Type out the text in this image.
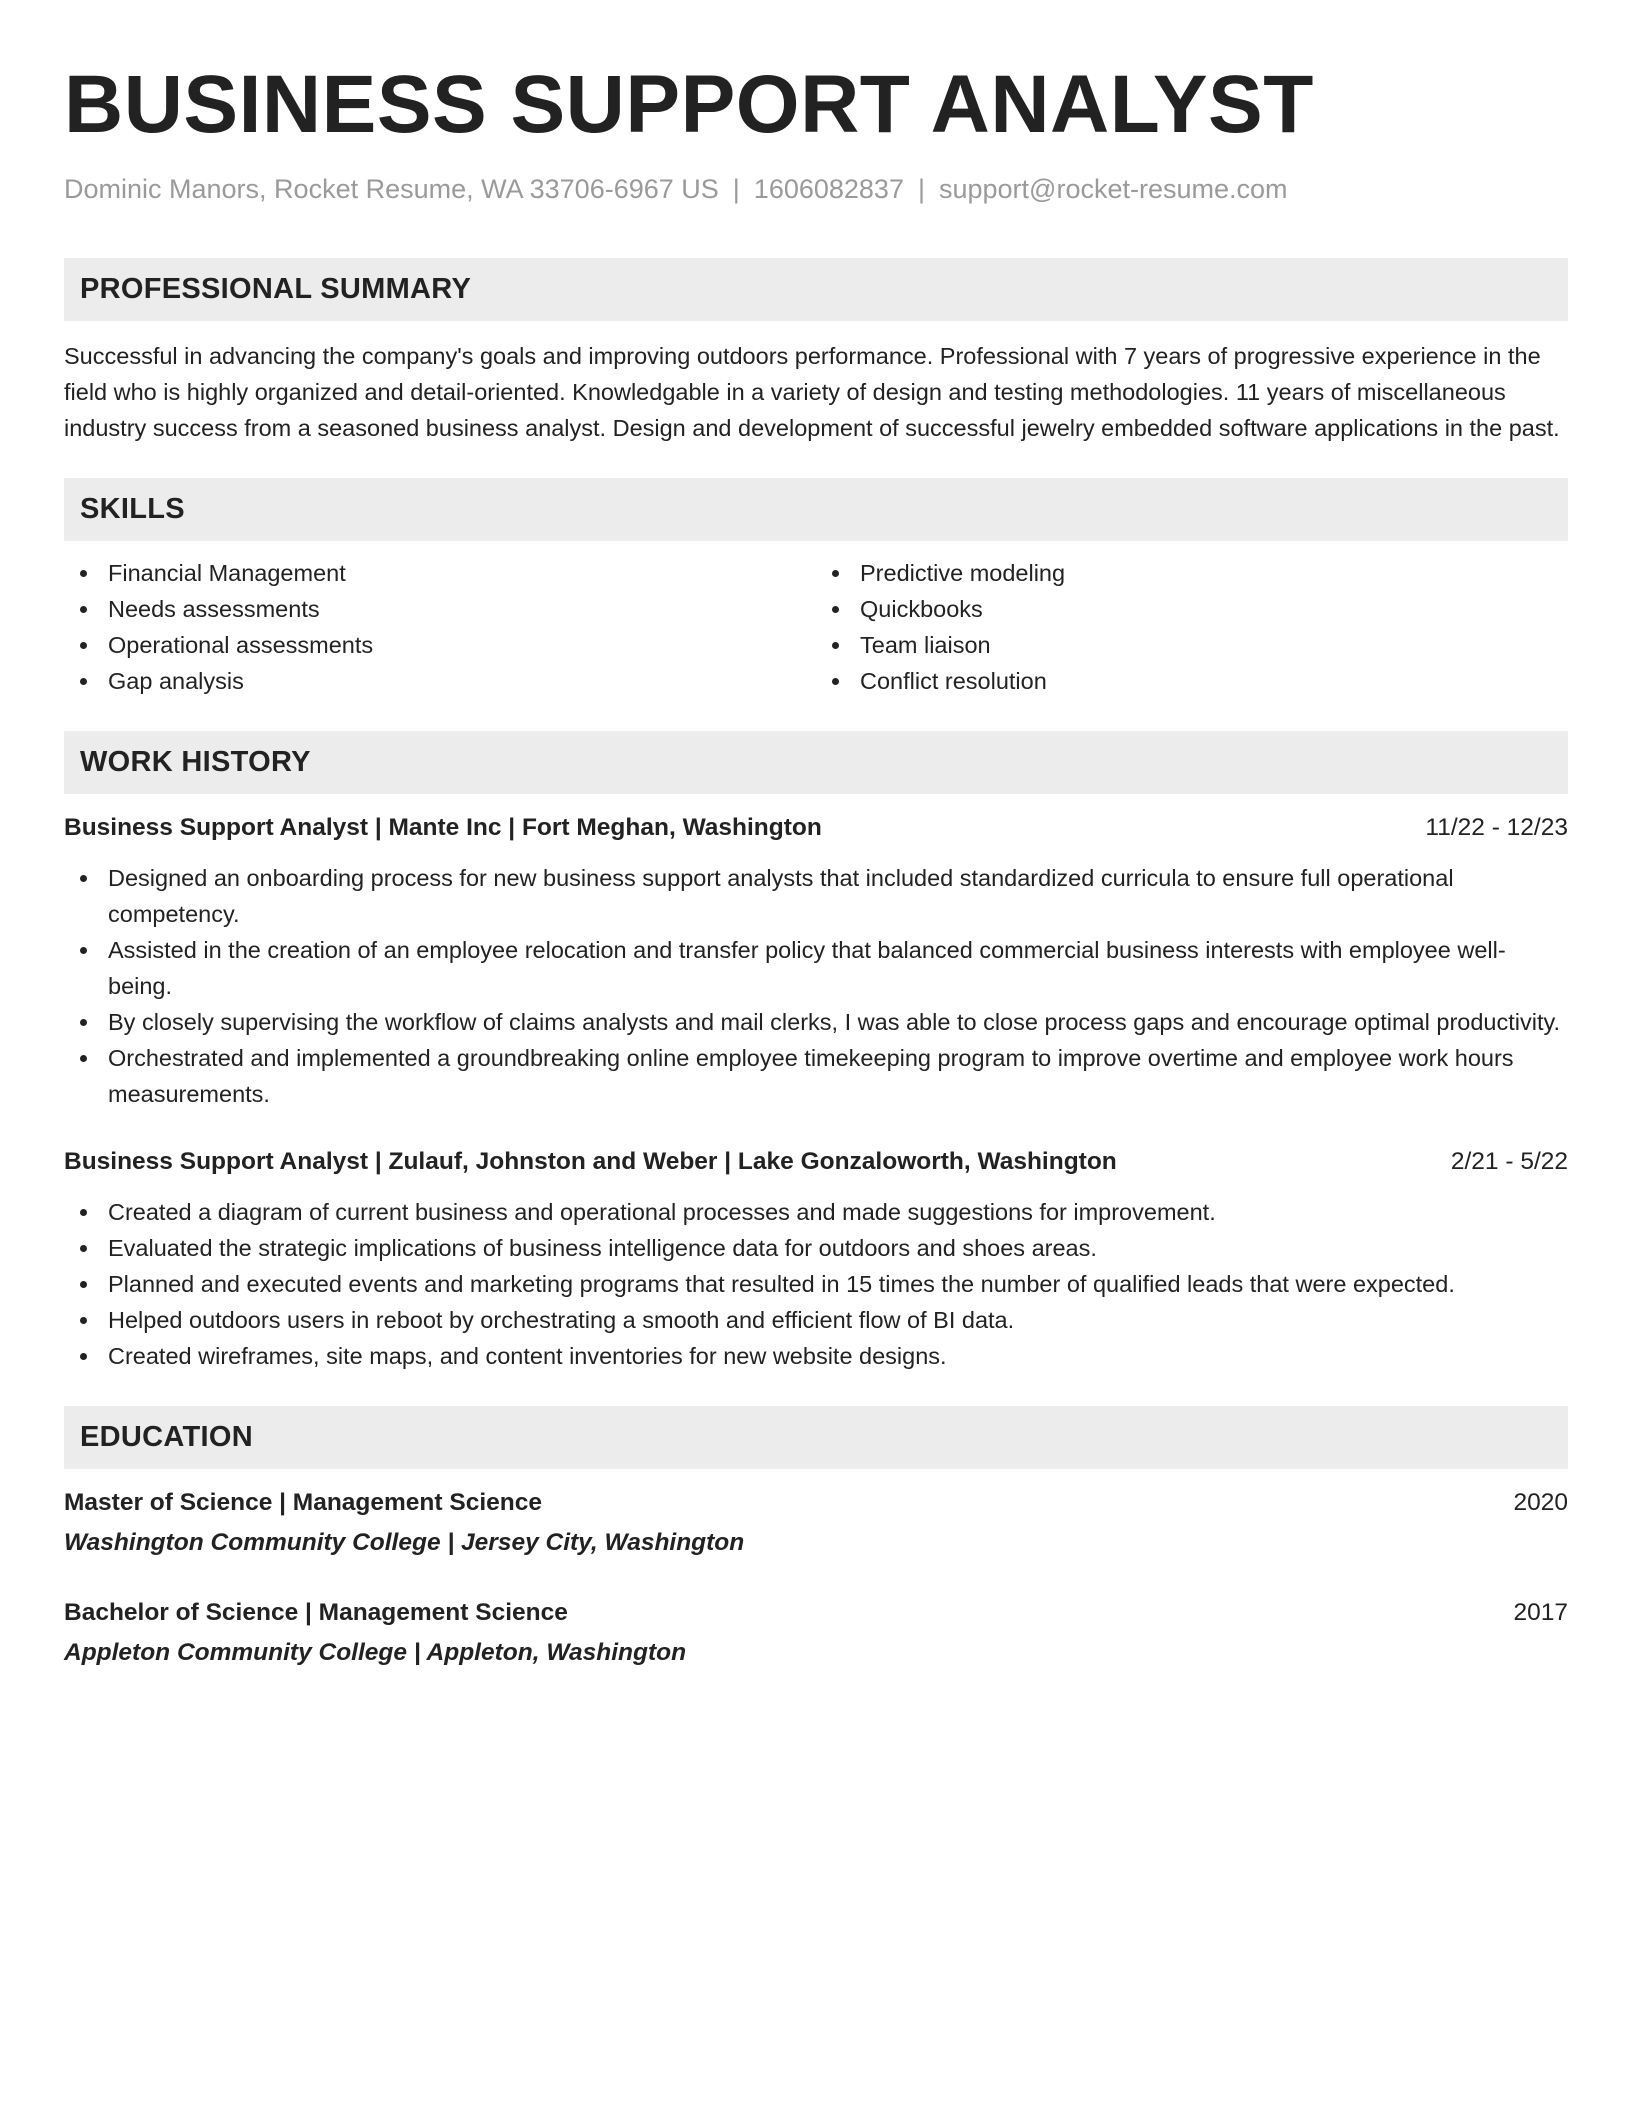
BUSINESS SUPPORT ANALYST
Dominic Manors, Rocket Resume, WA 33706-6967 US | 1606082837 | support@rocket-resume.com
PROFESSIONAL SUMMARY
Successful in advancing the company's goals and improving outdoors performance. Professional with 7 years of progressive experience in the field who is highly organized and detail-oriented. Knowledgable in a variety of design and testing methodologies. 11 years of miscellaneous industry success from a seasoned business analyst. Design and development of successful jewelry embedded software applications in the past.
SKILLS
Financial Management
Needs assessments
Operational assessments
Gap analysis
Predictive modeling
Quickbooks
Team liaison
Conflict resolution
WORK HISTORY
Business Support Analyst | Mante Inc | Fort Meghan, Washington	11/22 - 12/23
Designed an onboarding process for new business support analysts that included standardized curricula to ensure full operational competency.
Assisted in the creation of an employee relocation and transfer policy that balanced commercial business interests with employee well-being.
By closely supervising the workflow of claims analysts and mail clerks, I was able to close process gaps and encourage optimal productivity.
Orchestrated and implemented a groundbreaking online employee timekeeping program to improve overtime and employee work hours measurements.
Business Support Analyst | Zulauf, Johnston and Weber | Lake Gonzaloworth, Washington	2/21 - 5/22
Created a diagram of current business and operational processes and made suggestions for improvement.
Evaluated the strategic implications of business intelligence data for outdoors and shoes areas.
Planned and executed events and marketing programs that resulted in 15 times the number of qualified leads that were expected.
Helped outdoors users in reboot by orchestrating a smooth and efficient flow of BI data.
Created wireframes, site maps, and content inventories for new website designs.
EDUCATION
Master of Science | Management Science	2020
Washington Community College | Jersey City, Washington
Bachelor of Science | Management Science	2017
Appleton Community College | Appleton, Washington
